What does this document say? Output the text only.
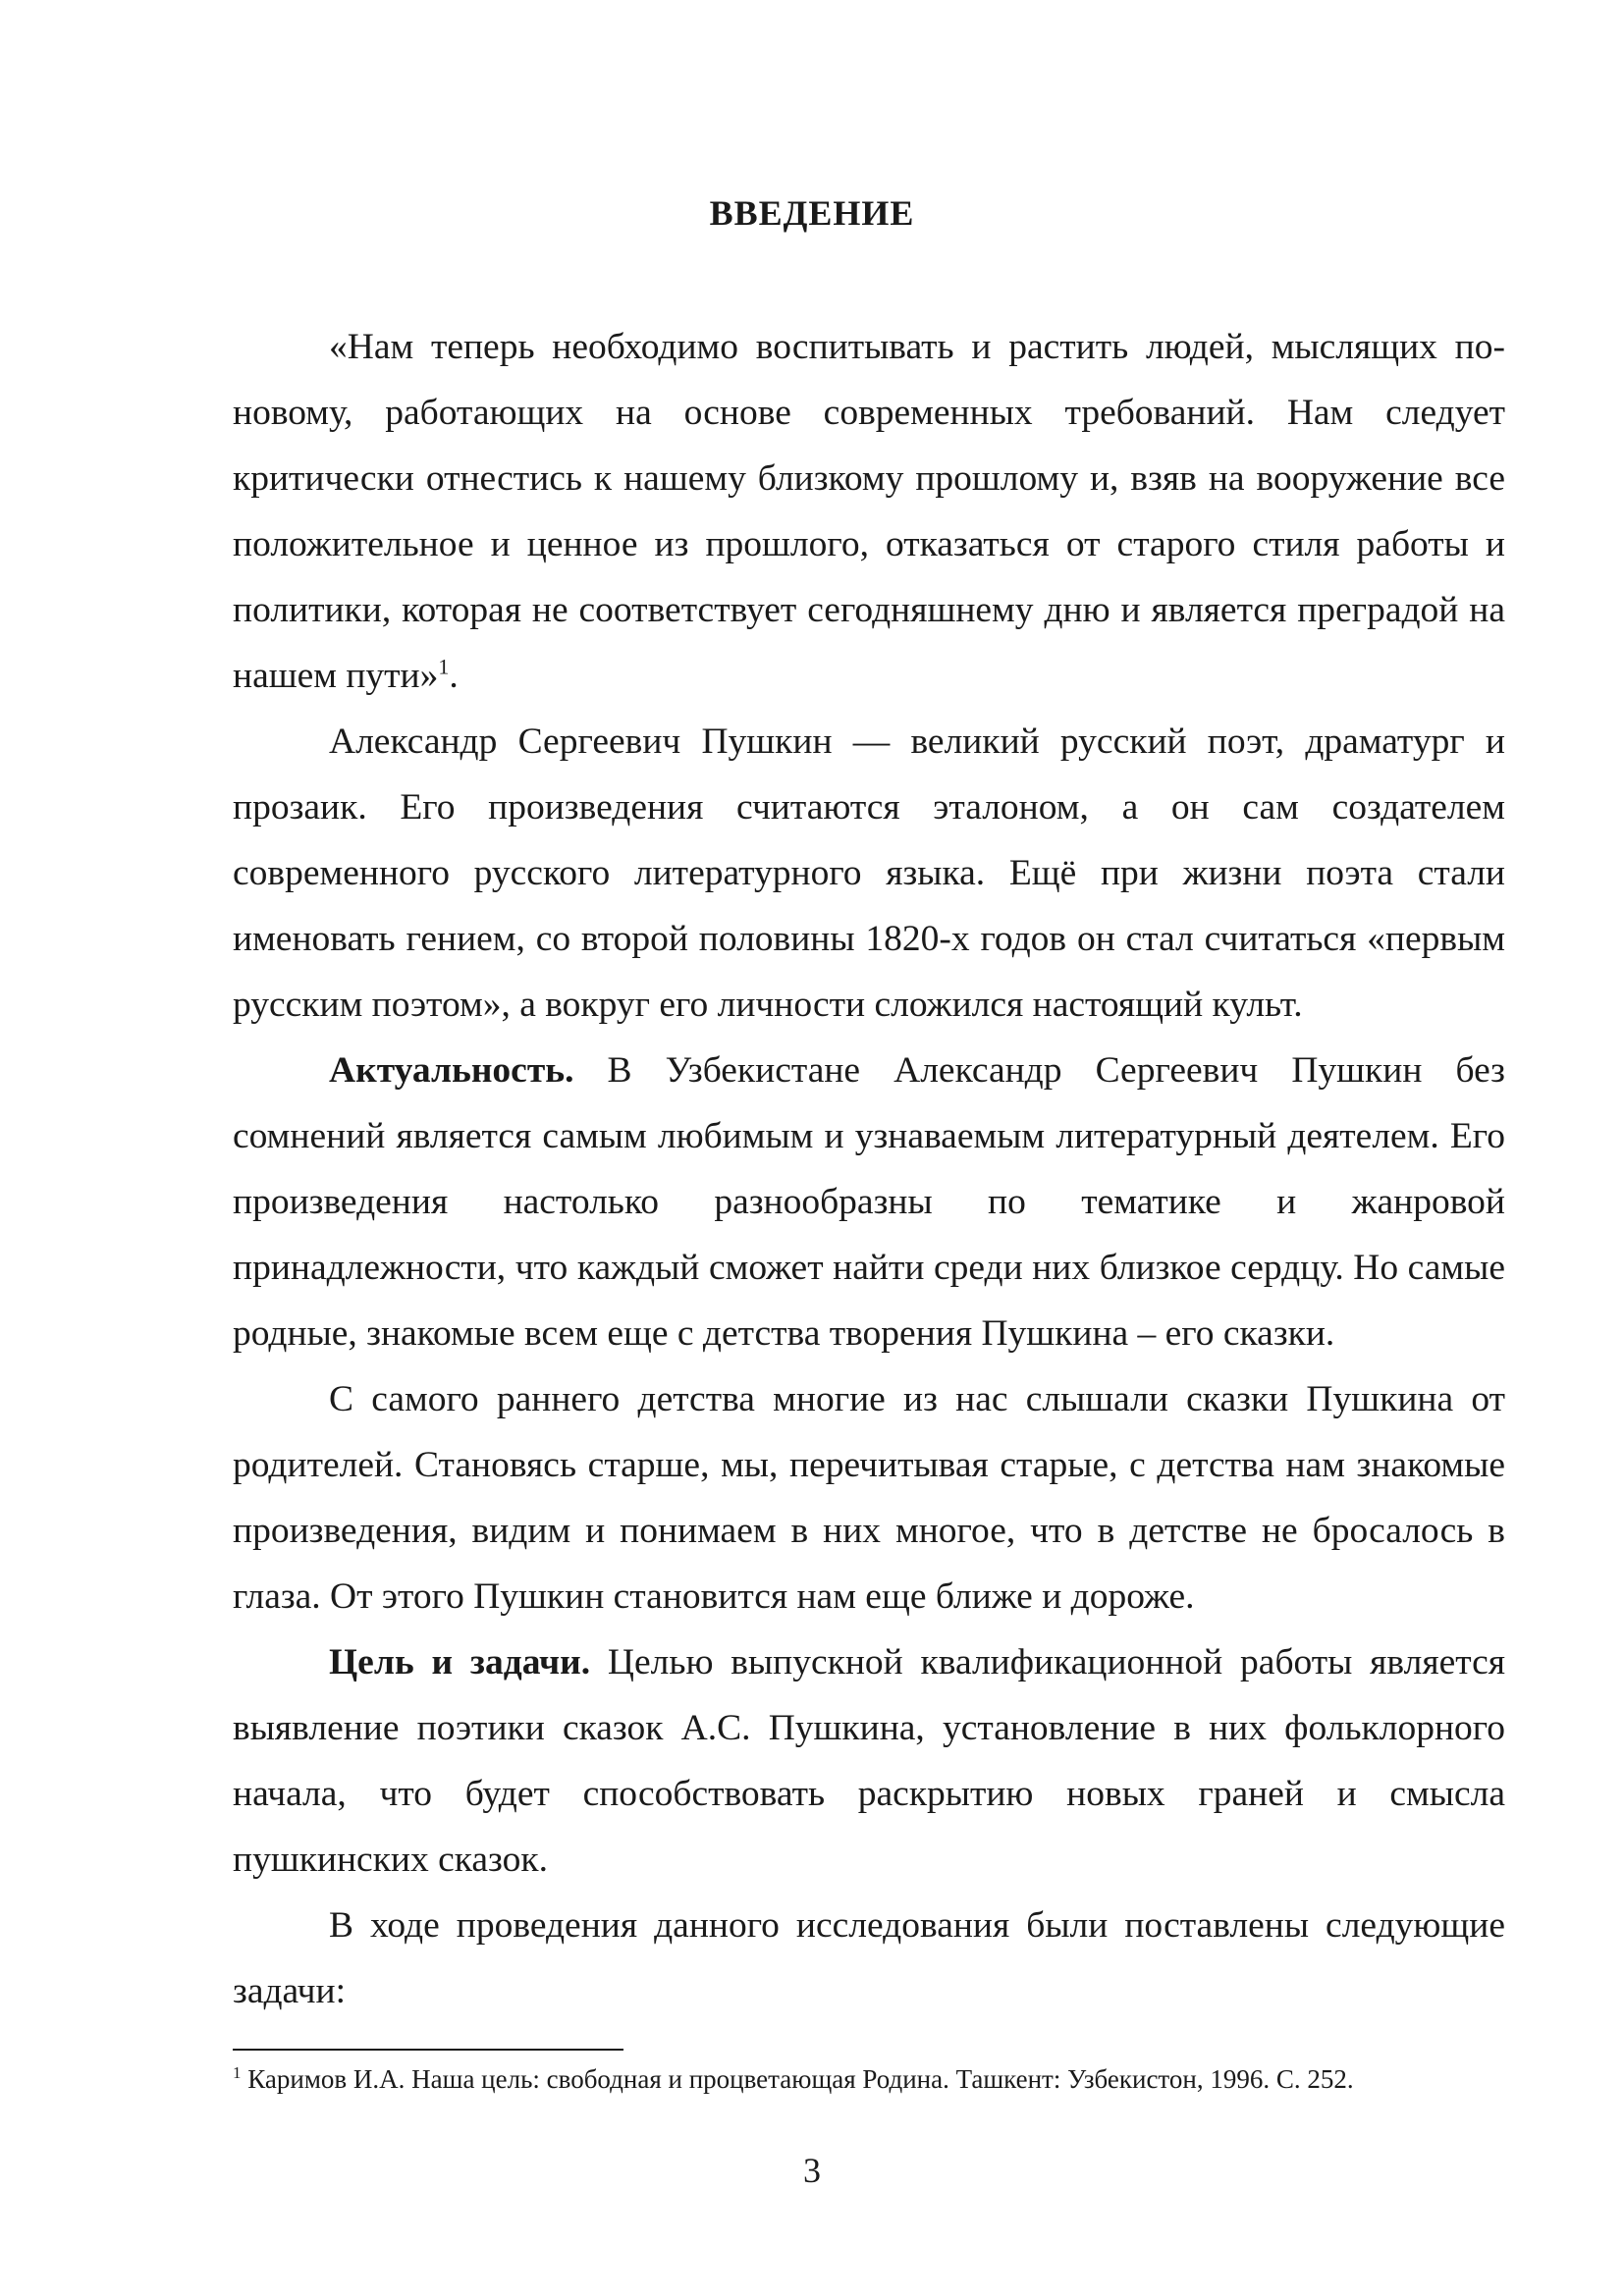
ВВЕДЕНИЕ

«Нам теперь необходимо воспитывать и растить людей, мыслящих по-новому, работающих на основе современных требований. Нам следует критически отнестись к нашему близкому прошлому и, взяв на вооружение все положительное и ценное из прошлого, отказаться от старого стиля работы и политики, которая не соответствует сегодняшнему дню и является преградой на нашем пути»$^1$.

Александр Сергеевич Пушкин — великий русский поэт, драматург и прозаик. Его произведения считаются эталоном, а он сам создателем современного русского литературного языка. Ещё при жизни поэта стали именовать гением, со второй половины 1820-х годов он стал считаться «первым русским поэтом», а вокруг его личности сложился настоящий культ.

Актуальность. В Узбекистане Александр Сергеевич Пушкин без сомнений является самым любимым и узнаваемым литературный деятелем. Его произведения настолько разнообразны по тематике и жанровой принадлежности, что каждый сможет найти среди них близкое сердцу. Но самые родные, знакомые всем еще с детства творения Пушкина – его сказки.

С самого раннего детства многие из нас слышали сказки Пушкина от родителей. Становясь старше, мы, перечитывая старые, с детства нам знакомые произведения, видим и понимаем в них многое, что в детстве не бросалось в глаза. От этого Пушкин становится нам еще ближе и дороже.

Цель и задачи. Целью выпускной квалификационной работы является выявление поэтики сказок А.С. Пушкина, установление в них фольклорного начала, что будет способствовать раскрытию новых граней и смысла пушкинских сказок.

В ходе проведения данного исследования были поставлены следующие задачи:

$^1$ Каримов И.А. Наша цель: свободная и процветающая Родина. Ташкент: Узбекистон, 1996. С. 252.
3
